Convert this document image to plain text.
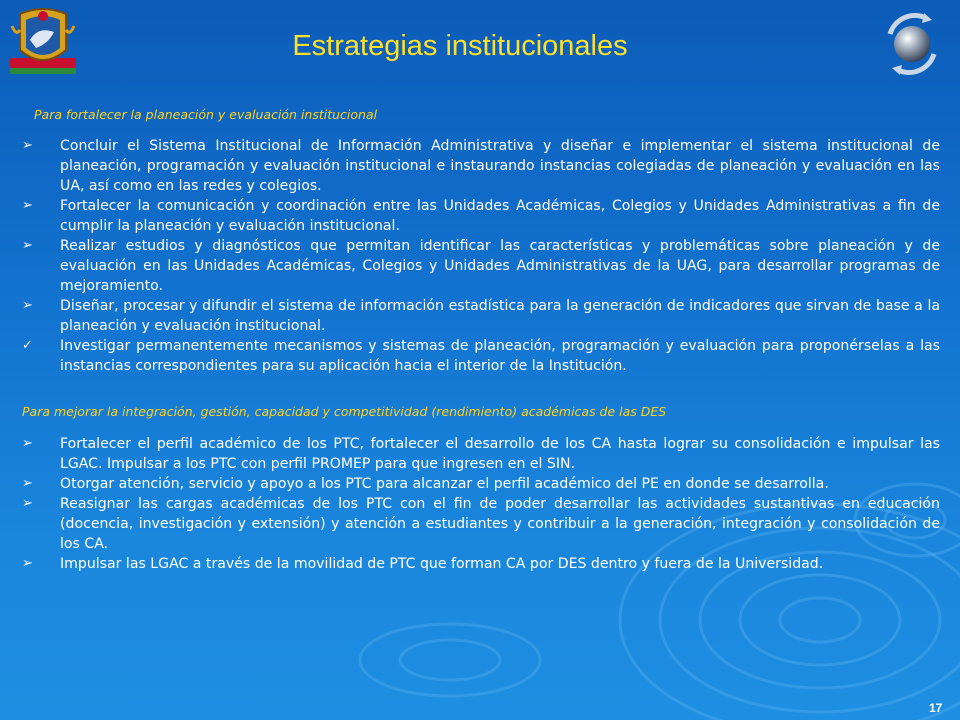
Estrategias institucionales
Para fortalecer la planeación y evaluación institucional
➢	Concluir el Sistema Institucional de Información Administrativa y diseñar e implementar el sistema institucional de planeación, programación y evaluación institucional e instaurando instancias colegiadas de planeación y evaluación en las UA, así como en las redes y colegios.
➢	Fortalecer la comunicación y coordinación entre las Unidades Académicas, Colegios y Unidades Administrativas a fin de cumplir la planeación y evaluación institucional.
➢	Realizar estudios y diagnósticos que permitan identificar las características y problemáticas sobre planeación y de evaluación en las Unidades Académicas, Colegios y Unidades Administrativas de la UAG, para desarrollar programas de mejoramiento.
➢	Diseñar, procesar y difundir el sistema de información estadística para la generación de indicadores que sirvan de base a la planeación y evaluación institucional.
✓	Investigar permanentemente mecanismos y sistemas de planeación, programación y evaluación para proponérselas a las instancias correspondientes para su aplicación hacia el interior de la Institución.
Para mejorar la integración, gestión, capacidad y competitividad (rendimiento) académicas de las DES
➢	Fortalecer el perfil académico de los PTC, fortalecer el desarrollo de los CA hasta lograr su consolidación e impulsar las LGAC. Impulsar a los PTC con perfil PROMEP para que ingresen en el SIN.
➢	Otorgar atención, servicio y apoyo a los PTC para alcanzar el perfil académico del PE en donde se desarrolla.
➢	Reasignar las cargas académicas de los PTC con el fin de poder desarrollar las actividades sustantivas en educación (docencia, investigación y extensión) y atención a estudiantes y contribuir a la generación, integración y consolidación de los CA.
➢	Impulsar las LGAC a través de la movilidad de PTC que forman CA por DES dentro y fuera de la Universidad.
17
